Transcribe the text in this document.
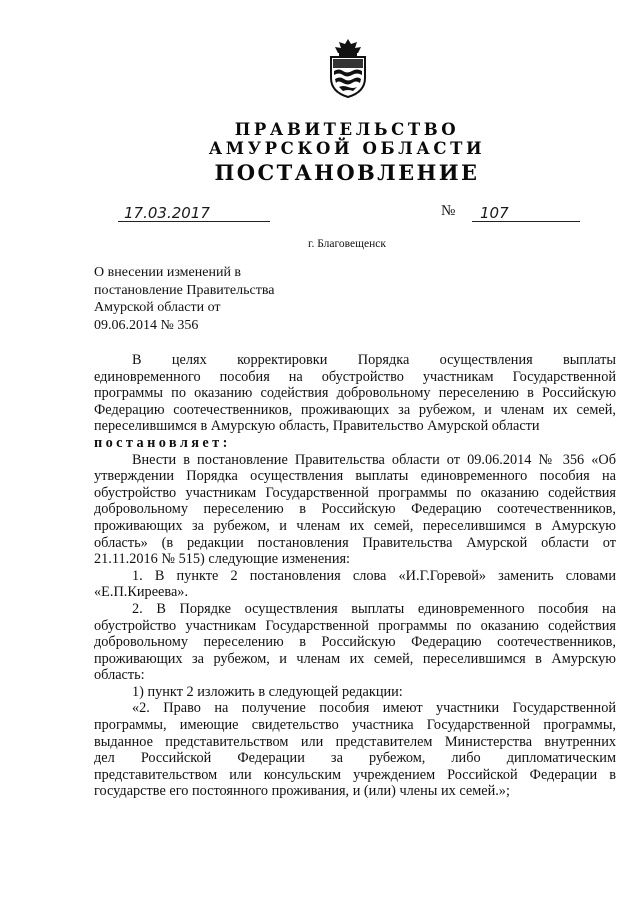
ПРАВИТЕЛЬСТВО
АМУРСКОЙ ОБЛАСТИ
ПОСТАНОВЛЕНИЕ
17.03.2017	№	107
г. Благовещенск
О внесении изменений в
постановление Правительства
Амурской области от
09.06.2014 № 356

В        целях        корректировки        Порядка        осуществления        выплаты

единовременного пособия на обустройство участникам Государственной

программы по оказанию содействия добровольному переселению в Российскую

Федерацию соотечественников, проживающих за рубежом, и членам их семей,

переселившимся в Амурскую область, Правительство Амурской области

постановляет:

Внести в постановление Правительства области от 09.06.2014 № 356 «Об

утверждении Порядка осуществления выплаты единовременного пособия на

обустройство участникам Государственной программы по оказанию содействия

добровольному переселению в Российскую Федерацию соотечественников,

проживающих за рубежом, и членам их семей, переселившимся в Амурскую

область» (в редакции постановления Правительства Амурской области от

21.11.2016 № 515) следующие изменения:

1. В пункте 2 постановления слова «И.Г.Горевой» заменить словами

«Е.П.Киреева».

2. В Порядке осуществления выплаты единовременного пособия на

обустройство участникам Государственной программы по оказанию содействия

добровольному переселению в Российскую Федерацию соотечественников,

проживающих за рубежом, и членам их семей, переселившимся в Амурскую

область:

1) пункт 2 изложить в следующей редакции:

«2. Право на получение пособия имеют участники Государственной

программы, имеющие свидетельство участника Государственной программы,

выданное представительством или представителем Министерства внутренних

дел     Российской     Федерации     за     рубежом,     либо     дипломатическим

представительством или консульским учреждением Российской Федерации в

государстве его постоянного проживания, и (или) члены их семей.»;
